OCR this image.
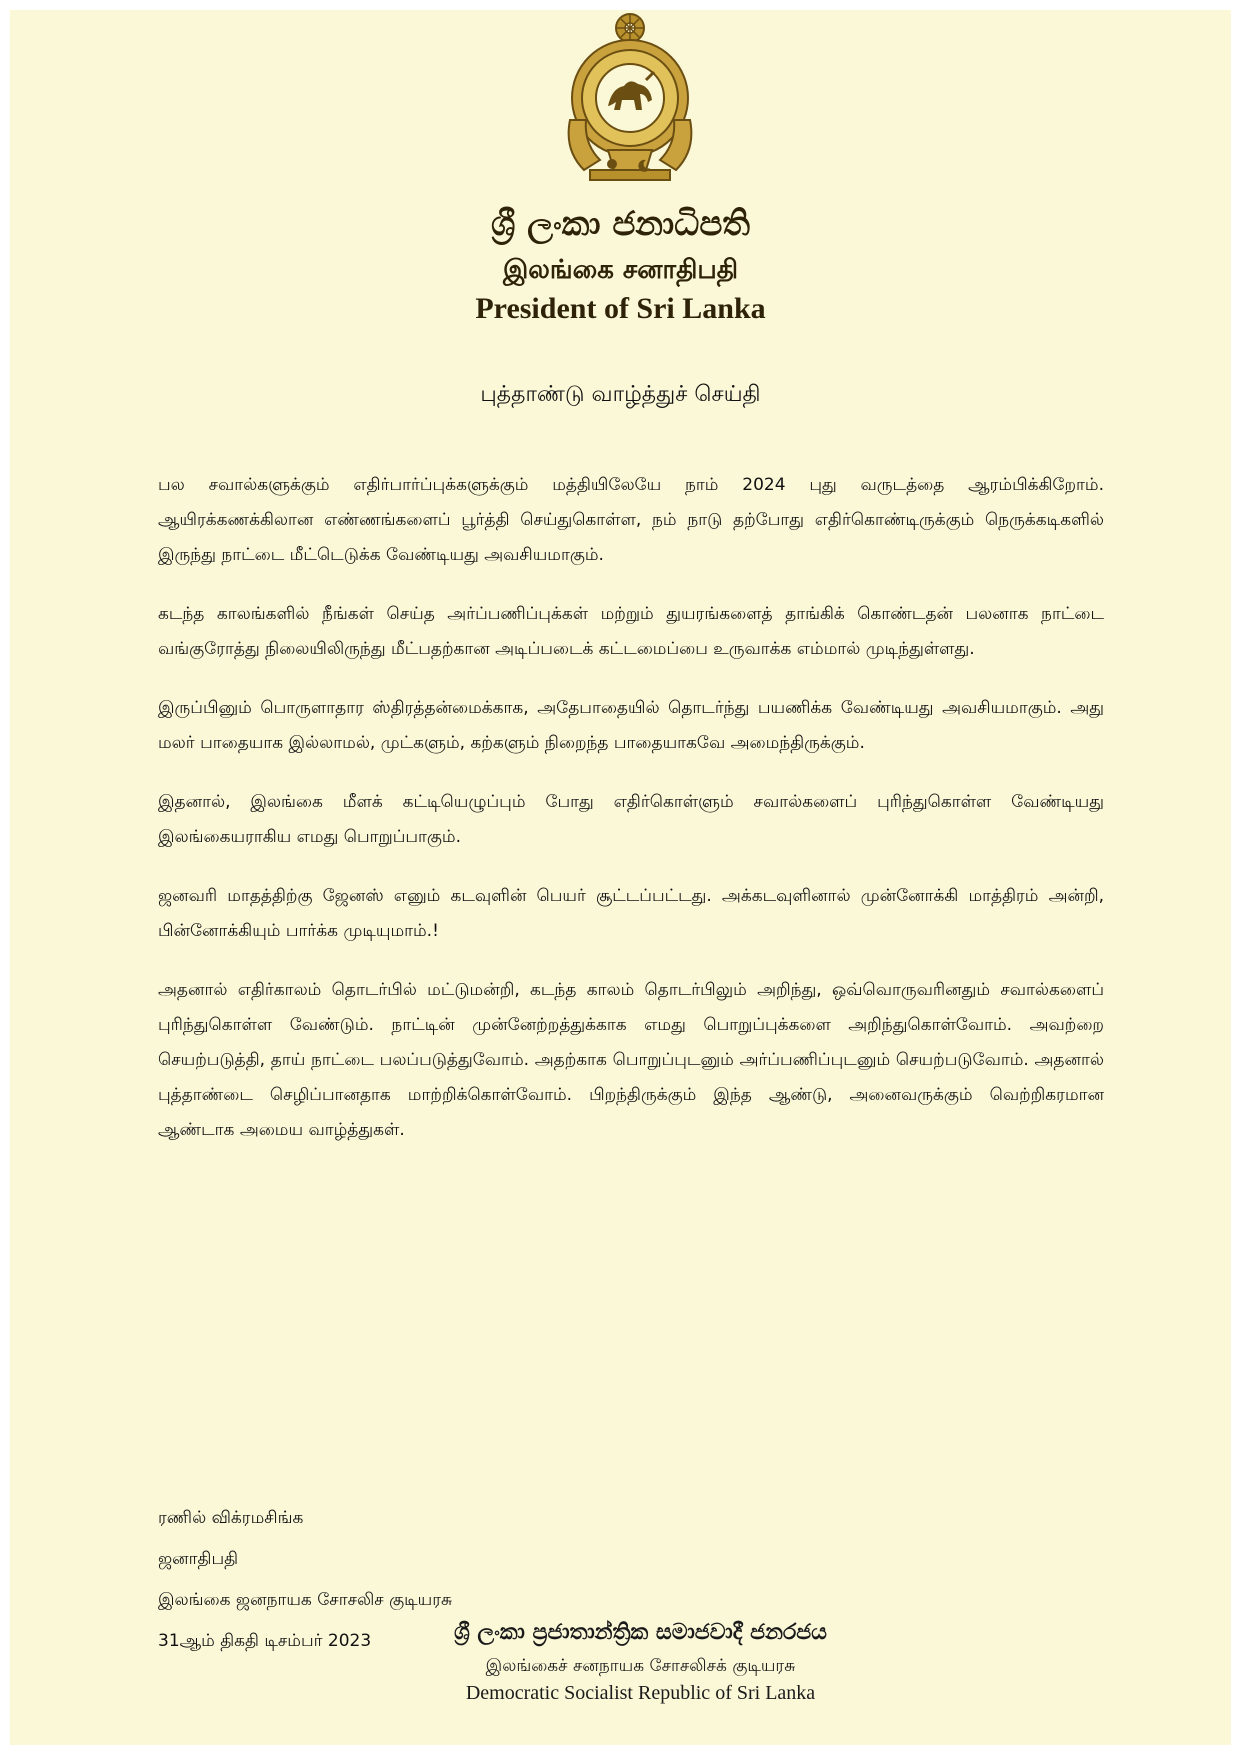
ශ්‍රී ලංකා ජනාධිපති
இலங்கை சனாதிபதி
President of Sri Lanka
புத்தாண்டு வாழ்த்துச் செய்தி

பல சவால்களுக்கும் எதிர்பார்ப்புக்களுக்கும் மத்தியிலேயே நாம் 2024 புது வருடத்தை ஆரம்பிக்கிறோம். ஆயிரக்கணக்கிலான எண்ணங்களைப் பூர்த்தி செய்துகொள்ள, நம் நாடு தற்போது எதிர்கொண்டிருக்கும் நெருக்கடிகளில் இருந்து நாட்டை மீட்டெடுக்க வேண்டியது அவசியமாகும்.

கடந்த காலங்களில் நீங்கள் செய்த அர்ப்பணிப்புக்கள் மற்றும் துயரங்களைத் தாங்கிக் கொண்டதன் பலனாக நாட்டை வங்குரோத்து நிலையிலிருந்து மீட்பதற்கான அடிப்படைக் கட்டமைப்பை உருவாக்க எம்மால் முடிந்துள்ளது.

இருப்பினும் பொருளாதார ஸ்திரத்தன்மைக்காக, அதேபாதையில் தொடர்ந்து பயணிக்க வேண்டியது அவசியமாகும். அது மலர் பாதையாக இல்லாமல், முட்களும், கற்களும் நிறைந்த பாதையாகவே அமைந்திருக்கும்.

இதனால், இலங்கை மீளக் கட்டியெழுப்பும் போது எதிர்கொள்ளும் சவால்களைப் புரிந்துகொள்ள வேண்டியது இலங்கையராகிய எமது பொறுப்பாகும்.

ஜனவரி மாதத்திற்கு ஜேனஸ் எனும் கடவுளின் பெயர் சூட்டப்பட்டது. அக்கடவுளினால் முன்னோக்கி மாத்திரம் அன்றி, பின்னோக்கியும் பார்க்க முடியுமாம்.!

அதனால் எதிர்காலம் தொடர்பில் மட்டுமன்றி, கடந்த காலம் தொடர்பிலும் அறிந்து, ஒவ்வொருவரினதும் சவால்களைப் புரிந்துகொள்ள வேண்டும். நாட்டின் முன்னேற்றத்துக்காக எமது பொறுப்புக்களை அறிந்துகொள்வோம். அவற்றை செயற்படுத்தி, தாய் நாட்டை பலப்படுத்துவோம். அதற்காக பொறுப்புடனும் அர்ப்பணிப்புடனும் செயற்படுவோம். அதனால் புத்தாண்டை செழிப்பானதாக மாற்றிக்கொள்வோம். பிறந்திருக்கும் இந்த ஆண்டு, அனைவருக்கும் வெற்றிகரமான ஆண்டாக அமைய வாழ்த்துகள்.

ரணில் விக்ரமசிங்க
ஜனாதிபதி
இலங்கை ஜனநாயக சோசலிச குடியரசு
31ஆம் திகதி டிசம்பர் 2023	ශ්‍රී ලංකා ප්‍රජාතාන්ත්‍රික සමාජවාදී ජනරජය
இலங்கைச் சனநாயக சோசலிசக் குடியரசு
Democratic Socialist Republic of Sri Lanka
